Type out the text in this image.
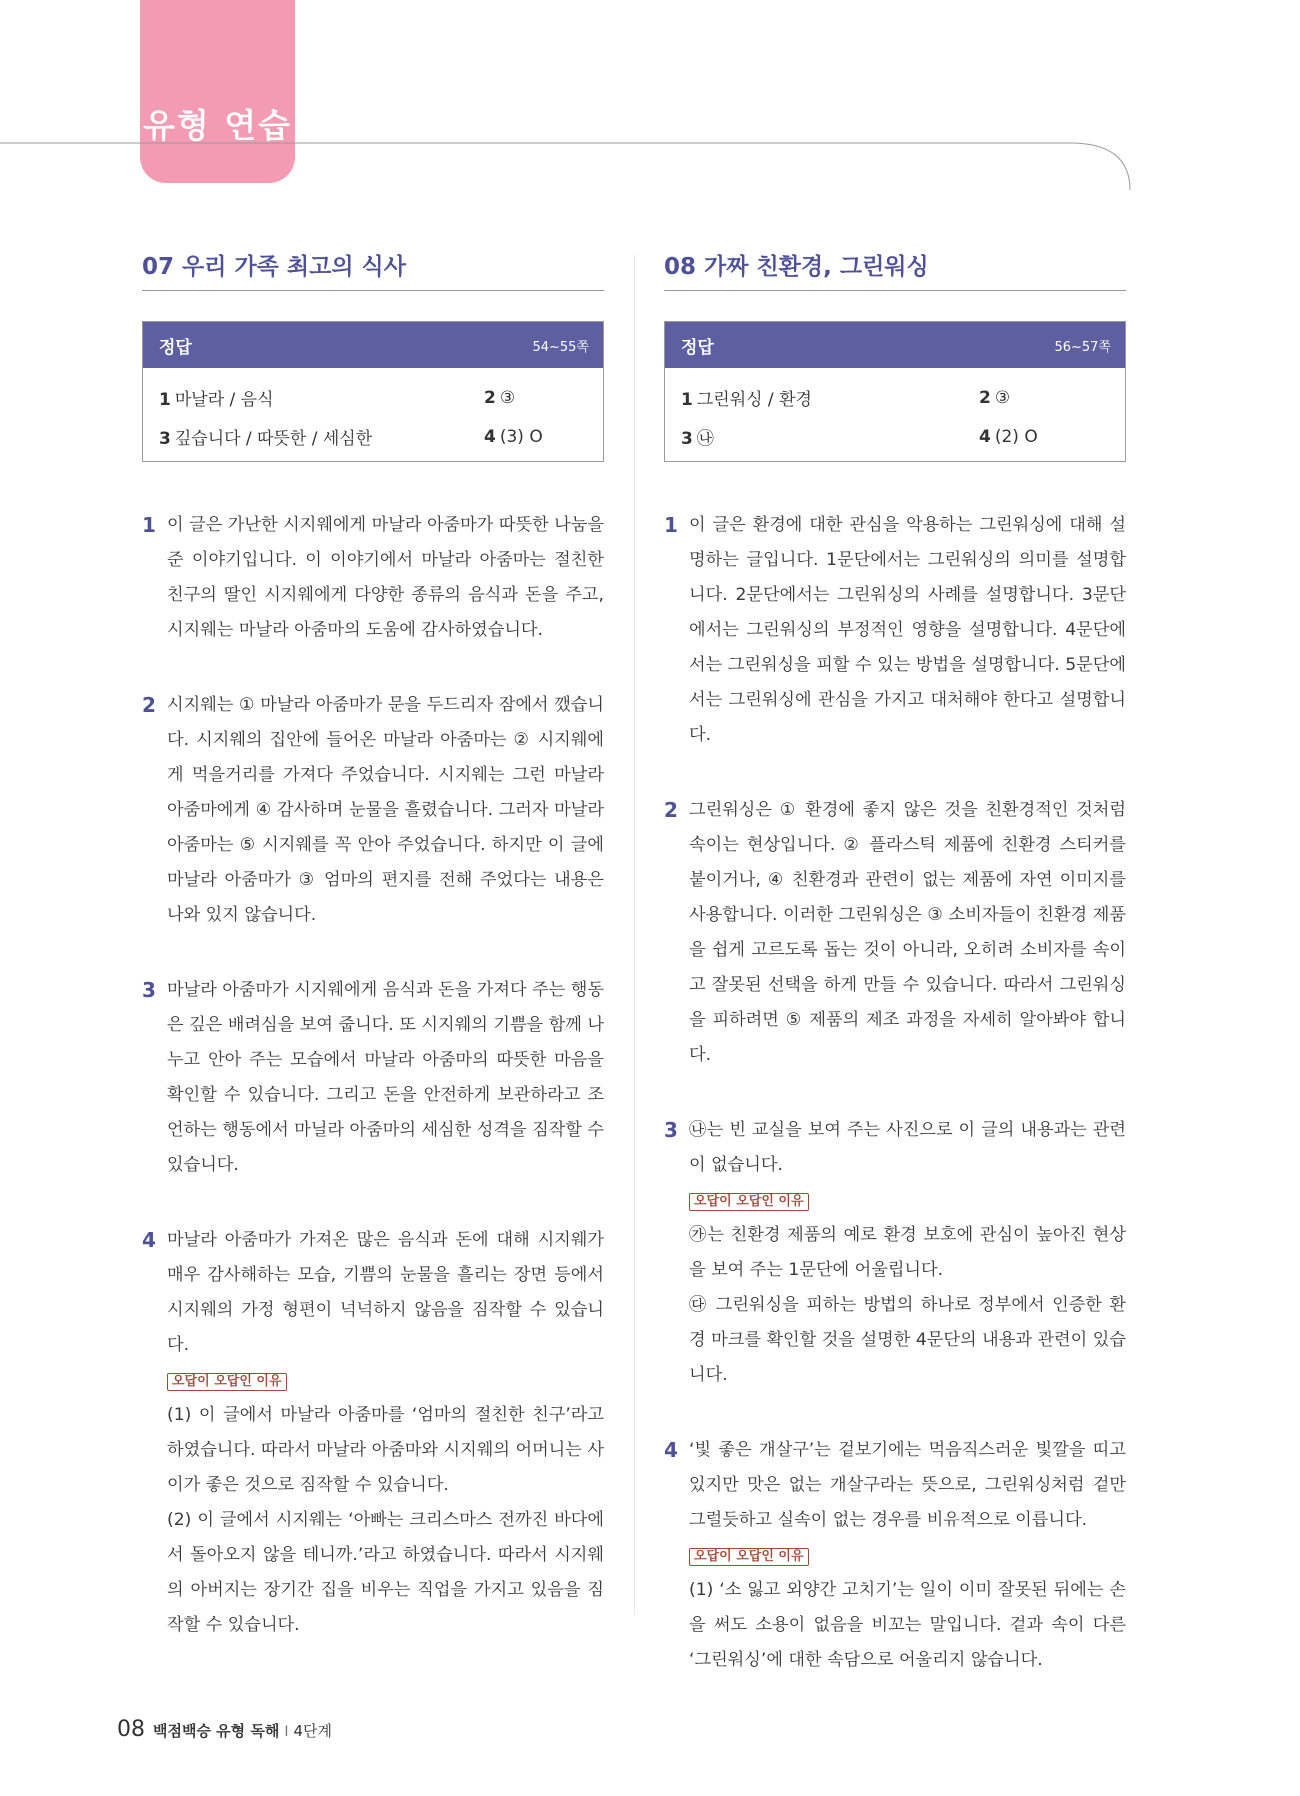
유형 연습
07 우리 가족 최고의 식사
정답	54~55쪽
1 마날라 / 음식	2 ③
3 깊습니다 / 따뜻한 / 세심한	4 (3) O
1 이 글은 가난한 시지웨에게 마날라 아줌마가 따뜻한 나눔을 준 이야기입니다. 이 이야기에서 마날라 아줌마는 절친한 친구의 딸인 시지웨에게 다양한 종류의 음식과 돈을 주고, 시지웨는 마날라 아줌마의 도움에 감사하였습니다.
2 시지웨는 ① 마날라 아줌마가 문을 두드리자 잠에서 깼습니다. 시지웨의 집안에 들어온 마날라 아줌마는 ② 시지웨에게 먹을거리를 가져다 주었습니다. 시지웨는 그런 마날라 아줌마에게 ④ 감사하며 눈물을 흘렸습니다. 그러자 마날라 아줌마는 ⑤ 시지웨를 꼭 안아 주었습니다. 하지만 이 글에 마날라 아줌마가 ③ 엄마의 편지를 전해 주었다는 내용은 나와 있지 않습니다.
3 마날라 아줌마가 시지웨에게 음식과 돈을 가져다 주는 행동은 깊은 배려심을 보여 줍니다. 또 시지웨의 기쁨을 함께 나누고 안아 주는 모습에서 마날라 아줌마의 따뜻한 마음을 확인할 수 있습니다. 그리고 돈을 안전하게 보관하라고 조언하는 행동에서 마닐라 아줌마의 세심한 성격을 짐작할 수 있습니다.
4 마날라 아줌마가 가져온 많은 음식과 돈에 대해 시지웨가 매우 감사해하는 모습, 기쁨의 눈물을 흘리는 장면 등에서 시지웨의 가정 형편이 넉넉하지 않음을 짐작할 수 있습니다.
오답이 오답인 이유
(1) 이 글에서 마날라 아줌마를 ‘엄마의 절친한 친구’라고 하였습니다. 따라서 마날라 아줌마와 시지웨의 어머니는 사이가 좋은 것으로 짐작할 수 있습니다.
(2) 이 글에서 시지웨는 ‘아빠는 크리스마스 전까진 바다에서 돌아오지 않을 테니까.’라고 하였습니다. 따라서 시지웨의 아버지는 장기간 집을 비우는 직업을 가지고 있음을 짐작할 수 있습니다.
08 가짜 친환경, 그린워싱
정답	56~57쪽
1 그린워싱 / 환경	2 ③
3 ㉯	4 (2) O
1 이 글은 환경에 대한 관심을 악용하는 그린워싱에 대해 설명하는 글입니다. 1문단에서는 그린워싱의 의미를 설명합니다. 2문단에서는 그린워싱의 사례를 설명합니다. 3문단에서는 그린워싱의 부정적인 영향을 설명합니다. 4문단에서는 그린워싱을 피할 수 있는 방법을 설명합니다. 5문단에서는 그린워싱에 관심을 가지고 대처해야 한다고 설명합니다.
2 그린워싱은 ① 환경에 좋지 않은 것을 친환경적인 것처럼 속이는 현상입니다. ② 플라스틱 제품에 친환경 스티커를 붙이거나, ④ 친환경과 관련이 없는 제품에 자연 이미지를 사용합니다. 이러한 그린워싱은 ③ 소비자들이 친환경 제품을 쉽게 고르도록 돕는 것이 아니라, 오히려 소비자를 속이고 잘못된 선택을 하게 만들 수 있습니다. 따라서 그린워싱을 피하려면 ⑤ 제품의 제조 과정을 자세히 알아봐야 합니다.
3 ㉯는 빈 교실을 보여 주는 사진으로 이 글의 내용과는 관련이 없습니다.
오답이 오답인 이유
㉮는 친환경 제품의 예로 환경 보호에 관심이 높아진 현상을 보여 주는 1문단에 어울립니다.
㉰ 그린워싱을 피하는 방법의 하나로 정부에서 인증한 환경 마크를 확인할 것을 설명한 4문단의 내용과 관련이 있습니다.
4 ‘빛 좋은 개살구’는 겉보기에는 먹음직스러운 빛깔을 띠고 있지만 맛은 없는 개살구라는 뜻으로, 그린워싱처럼 겉만 그럴듯하고 실속이 없는 경우를 비유적으로 이릅니다.
오답이 오답인 이유
(1) ‘소 잃고 외양간 고치기’는 일이 이미 잘못된 뒤에는 손을 써도 소용이 없음을 비꼬는 말입니다. 겉과 속이 다른 ‘그린워싱’에 대한 속담으로 어울리지 않습니다.
08 백점백승 유형 독해 I 4단계
